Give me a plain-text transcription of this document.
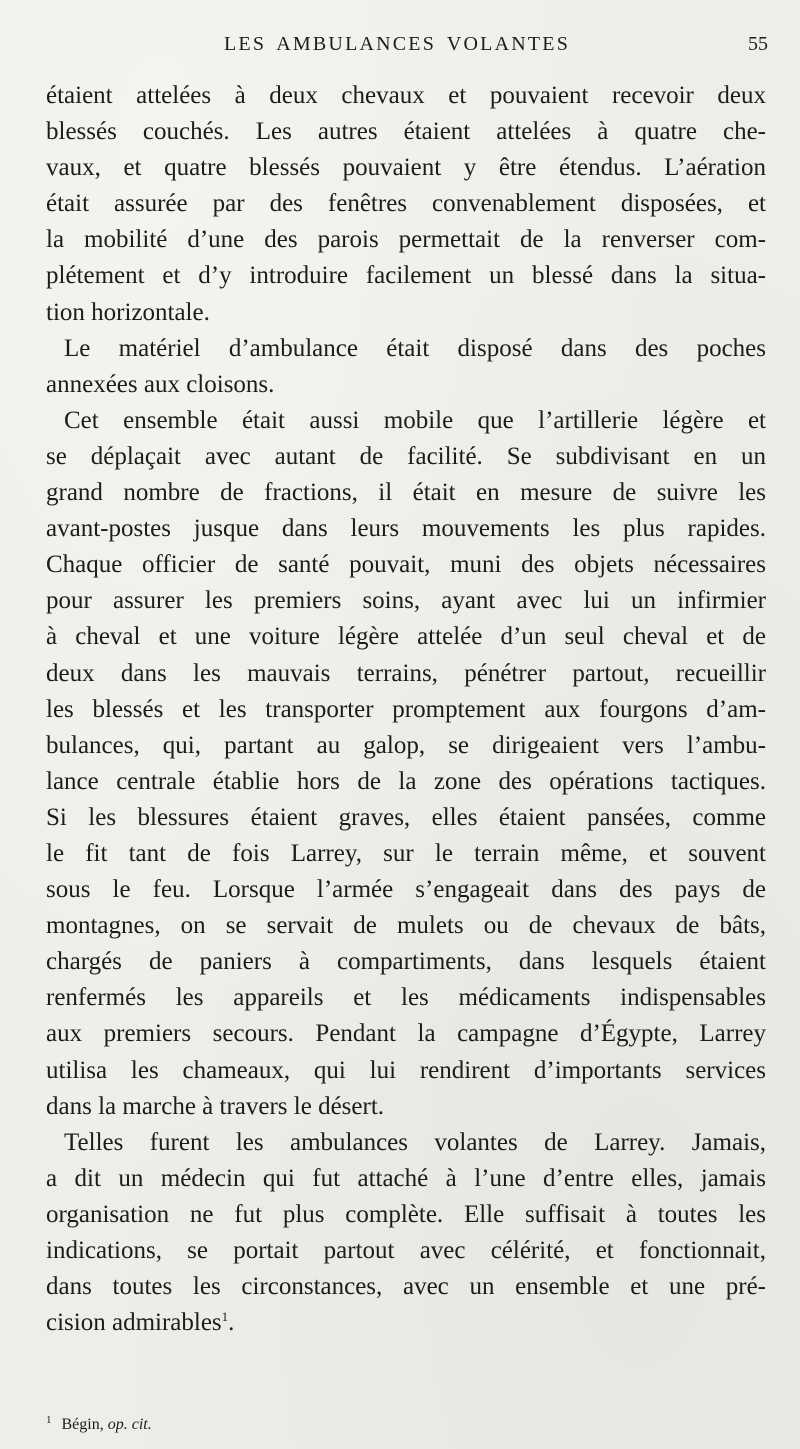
LES AMBULANCES VOLANTES	55
étaient attelées à deux chevaux et pouvaient recevoir deux
blessés couchés. Les autres étaient attelées à quatre che-
vaux, et quatre blessés pouvaient y être étendus. L’aération
était assurée par des fenêtres convenablement disposées, et
la mobilité d’une des parois permettait de la renverser com-
plétement et d’y introduire facilement un blessé dans la situa-
tion horizontale.
Le matériel d’ambulance était disposé dans des poches
annexées aux cloisons.
Cet ensemble était aussi mobile que l’artillerie légère et
se déplaçait avec autant de facilité. Se subdivisant en un
grand nombre de fractions, il était en mesure de suivre les
avant-postes jusque dans leurs mouvements les plus rapides.
Chaque officier de santé pouvait, muni des objets nécessaires
pour assurer les premiers soins, ayant avec lui un infirmier
à cheval et une voiture légère attelée d’un seul cheval et de
deux dans les mauvais terrains, pénétrer partout, recueillir
les blessés et les transporter promptement aux fourgons d’am-
bulances, qui, partant au galop, se dirigeaient vers l’ambu-
lance centrale établie hors de la zone des opérations tactiques.
Si les blessures étaient graves, elles étaient pansées, comme
le fit tant de fois Larrey, sur le terrain même, et souvent
sous le feu. Lorsque l’armée s’engageait dans des pays de
montagnes, on se servait de mulets ou de chevaux de bâts,
chargés de paniers à compartiments, dans lesquels étaient
renfermés les appareils et les médicaments indispensables
aux premiers secours. Pendant la campagne d’Égypte, Larrey
utilisa les chameaux, qui lui rendirent d’importants services
dans la marche à travers le désert.
Telles furent les ambulances volantes de Larrey. Jamais,
a dit un médecin qui fut attaché à l’une d’entre elles, jamais
organisation ne fut plus complète. Elle suffisait à toutes les
indications, se portait partout avec célérité, et fonctionnait,
dans toutes les circonstances, avec un ensemble et une pré-
cision admirables$^1$.
$^1$ Bégin, op. cit.
